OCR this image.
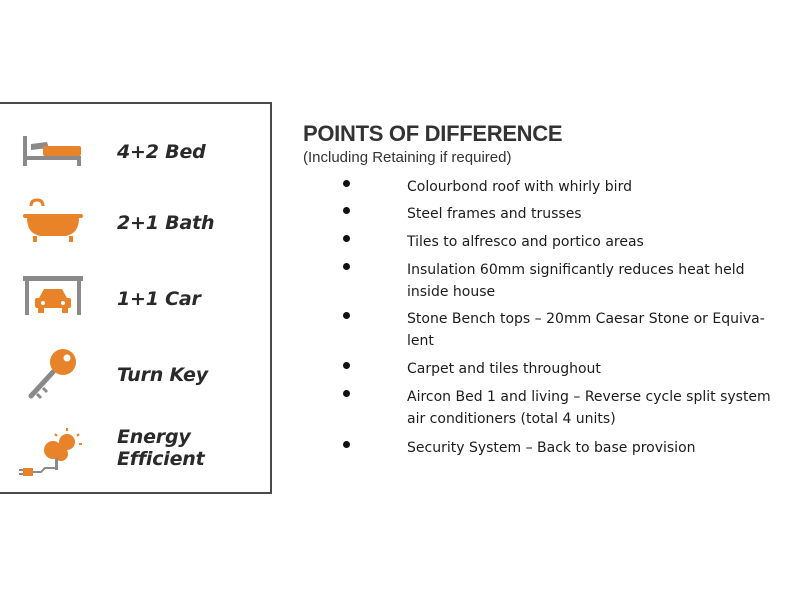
4+2 Bed
2+1 Bath
1+1 Car
Turn Key
Energy
Efficient
POINTS OF DIFFERENCE

(Including Retaining if required)

Colourbond roof with whirly bird
Steel frames and trusses
Tiles to alfresco and portico areas
Insulation 60mm significantly reduces heat held
inside house
Stone Bench tops – 20mm Caesar Stone or Equiva-
lent
Carpet and tiles throughout
Aircon Bed 1 and living – Reverse cycle split system
air conditioners (total 4 units)
Security System – Back to base provision
